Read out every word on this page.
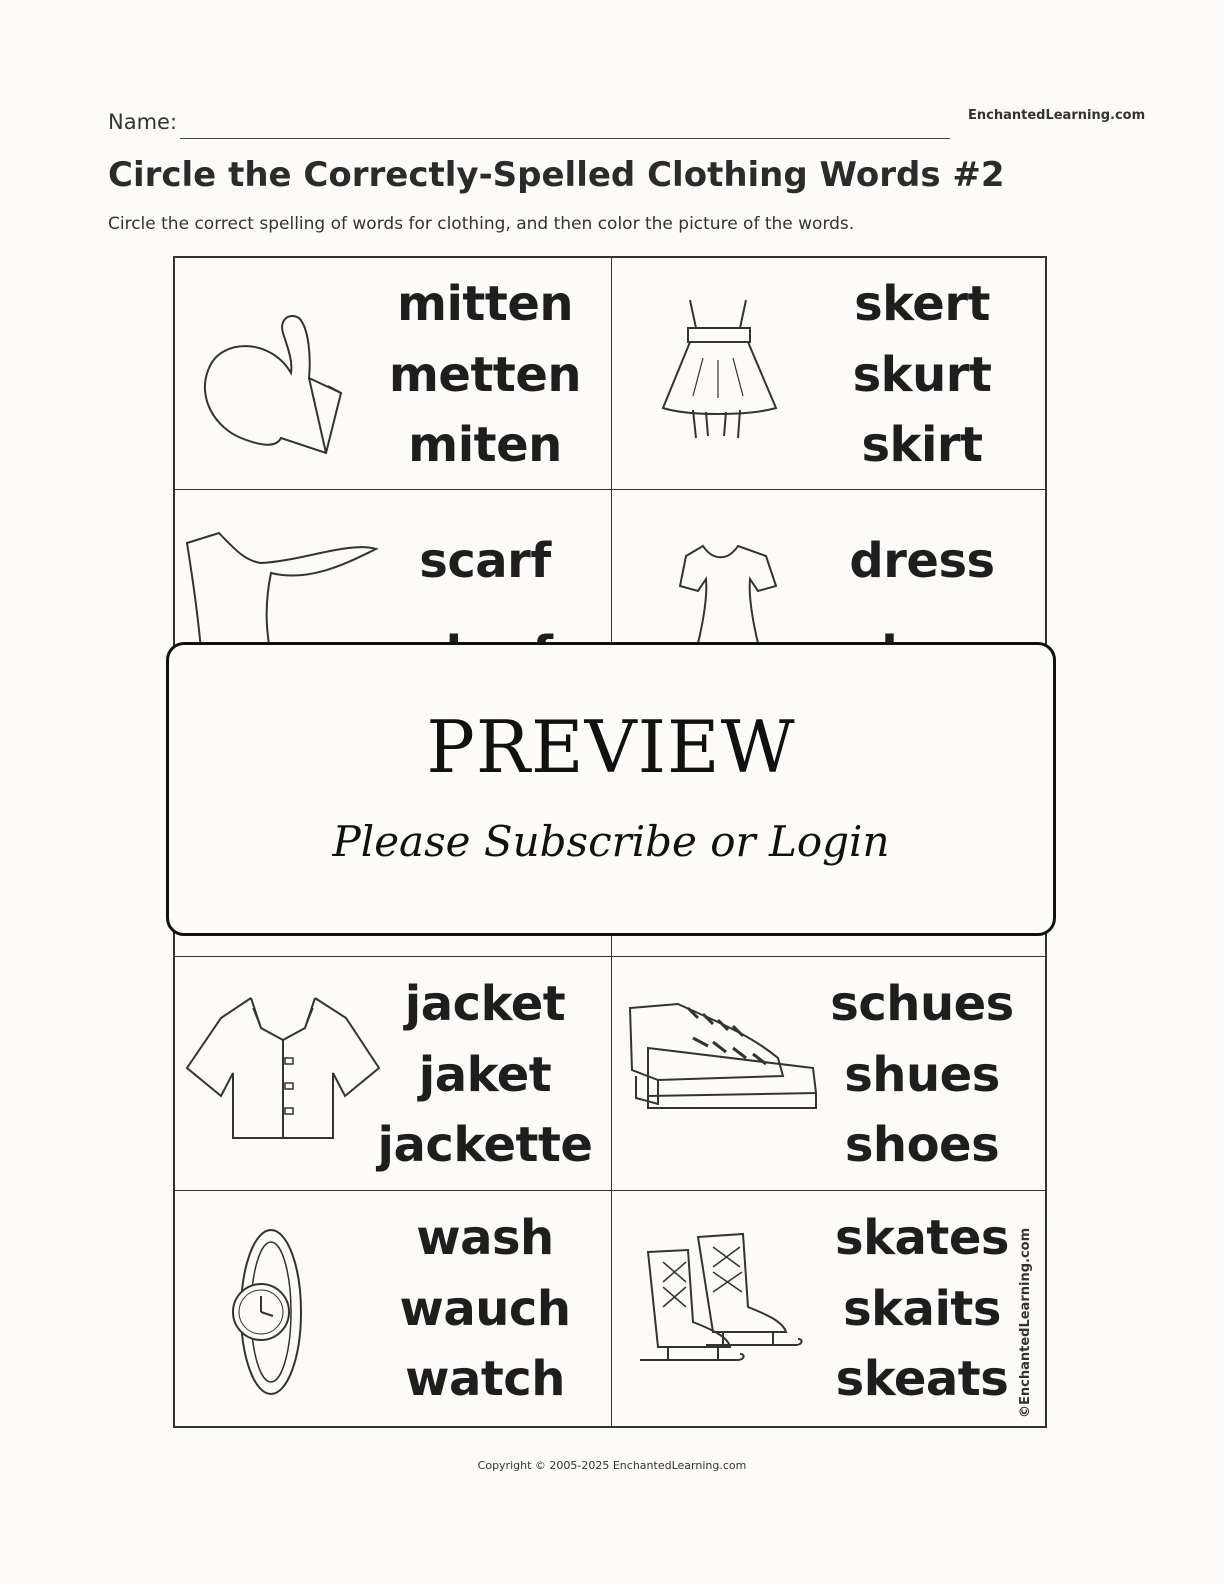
Name:	EnchantedLearning.com
Circle the Correctly-Spelled Clothing Words #2
Circle the correct spelling of words for clothing, and then color the picture of the words.
mitten
metten
miten
skert
skurt
skirt
scarf	dress
jacket
jaket
jackette
schues
shues
shoes
wash
wauch
watch
skates
skaits
skeats
PREVIEW
Please Subscribe or Login
©EnchantedLearning.com
Copyright © 2005-2025 EnchantedLearning.com
